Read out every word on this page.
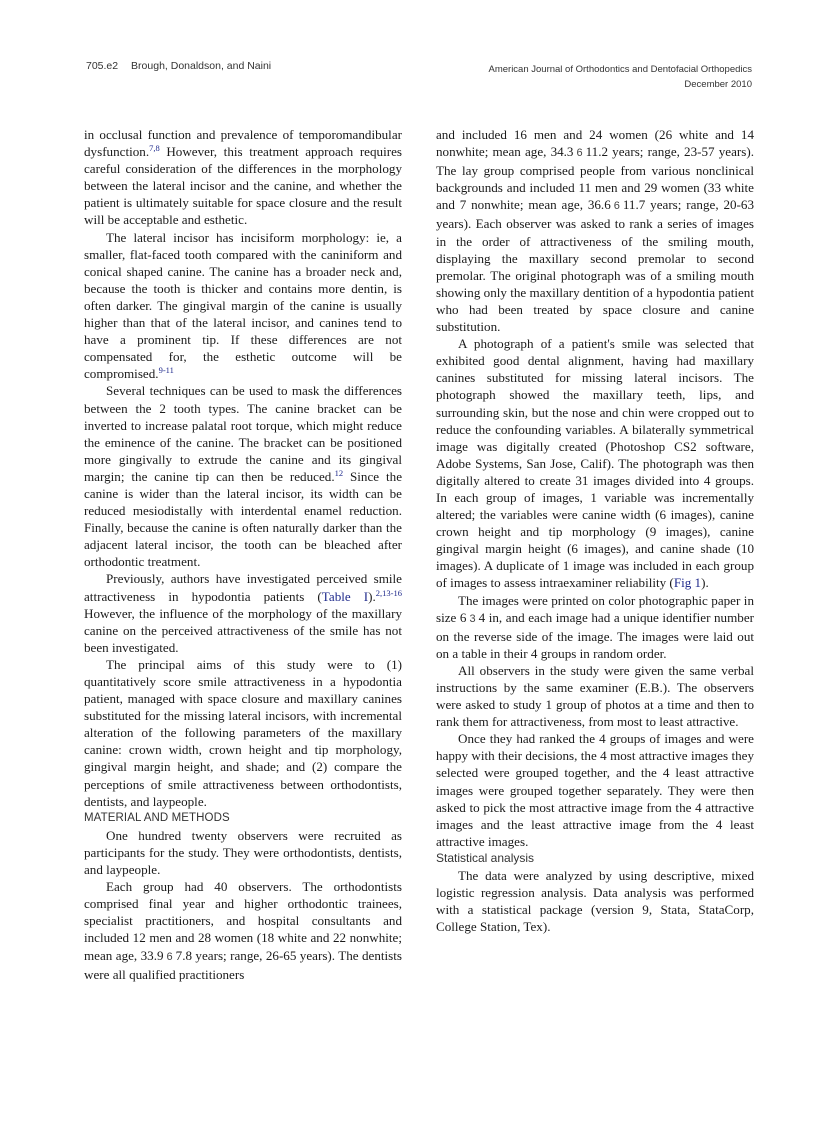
705.e2 Brough, Donaldson, and Naini	American Journal of Orthodontics and Dentofacial Orthopedics
December 2010

in occlusal function and prevalence of temporomandibular dysfunction.$^{7,8}$ However, this treatment approach requires careful consideration of the differences in the morphology between the lateral incisor and the canine, and whether the patient is ultimately suitable for space closure and the result will be acceptable and esthetic.

The lateral incisor has incisiform morphology: ie, a smaller, flat-faced tooth compared with the caniniform and conical shaped canine. The canine has a broader neck and, because the tooth is thicker and contains more dentin, is often darker. The gingival margin of the canine is usually higher than that of the lateral incisor, and canines tend to have a prominent tip. If these differences are not compensated for, the esthetic outcome will be compromised.$^{9-11}$

Several techniques can be used to mask the differences between the 2 tooth types. The canine bracket can be inverted to increase palatal root torque, which might reduce the eminence of the canine. The bracket can be positioned more gingivally to extrude the canine and its gingival margin; the canine tip can then be reduced.$^{12}$ Since the canine is wider than the lateral incisor, its width can be reduced mesiodistally with interdental enamel reduction. Finally, because the canine is often naturally darker than the adjacent lateral incisor, the tooth can be bleached after orthodontic treatment.

Previously, authors have investigated perceived smile attractiveness in hypodontia patients (Table I).$^{2,13-16}$ However, the influence of the morphology of the maxillary canine on the perceived attractiveness of the smile has not been investigated.

The principal aims of this study were to (1) quantitatively score smile attractiveness in a hypodontia patient, managed with space closure and maxillary canines substituted for the missing lateral incisors, with incremental alteration of the following parameters of the maxillary canine: crown width, crown height and tip morphology, gingival margin height, and shade; and (2) compare the perceptions of smile attractiveness between orthodontists, dentists, and laypeople.

MATERIAL AND METHODS

One hundred twenty observers were recruited as participants for the study. They were orthodontists, dentists, and laypeople.

Each group had 40 observers. The orthodontists comprised final year and higher orthodontic trainees, specialist practitioners, and hospital consultants and included 12 men and 28 women (18 white and 22 nonwhite; mean age, 33.9 6 7.8 years; range, 26-65 years). The dentists were all qualified practitioners

and included 16 men and 24 women (26 white and 14 nonwhite; mean age, 34.3 6 11.2 years; range, 23-57 years). The lay group comprised people from various nonclinical backgrounds and included 11 men and 29 women (33 white and 7 nonwhite; mean age, 36.6 6 11.7 years; range, 20-63 years). Each observer was asked to rank a series of images in the order of attractiveness of the smiling mouth, displaying the maxillary second premolar to second premolar. The original photograph was of a smiling mouth showing only the maxillary dentition of a hypodontia patient who had been treated by space closure and canine substitution.

A photograph of a patient's smile was selected that exhibited good dental alignment, having had maxillary canines substituted for missing lateral incisors. The photograph showed the maxillary teeth, lips, and surrounding skin, but the nose and chin were cropped out to reduce the confounding variables. A bilaterally symmetrical image was digitally created (Photoshop CS2 software, Adobe Systems, San Jose, Calif). The photograph was then digitally altered to create 31 images divided into 4 groups. In each group of images, 1 variable was incrementally altered; the variables were canine width (6 images), canine crown height and tip morphology (9 images), canine gingival margin height (6 images), and canine shade (10 images). A duplicate of 1 image was included in each group of images to assess intraexaminer reliability (Fig 1).

The images were printed on color photographic paper in size 6 3 4 in, and each image had a unique identifier number on the reverse side of the image. The images were laid out on a table in their 4 groups in random order.

All observers in the study were given the same verbal instructions by the same examiner (E.B.). The observers were asked to study 1 group of photos at a time and then to rank them for attractiveness, from most to least attractive.

Once they had ranked the 4 groups of images and were happy with their decisions, the 4 most attractive images they selected were grouped together, and the 4 least attractive images were grouped together separately. They were then asked to pick the most attractive image from the 4 attractive images and the least attractive image from the 4 least attractive images.

Statistical analysis

The data were analyzed by using descriptive, mixed logistic regression analysis. Data analysis was performed with a statistical package (version 9, Stata, StataCorp, College Station, Tex).
